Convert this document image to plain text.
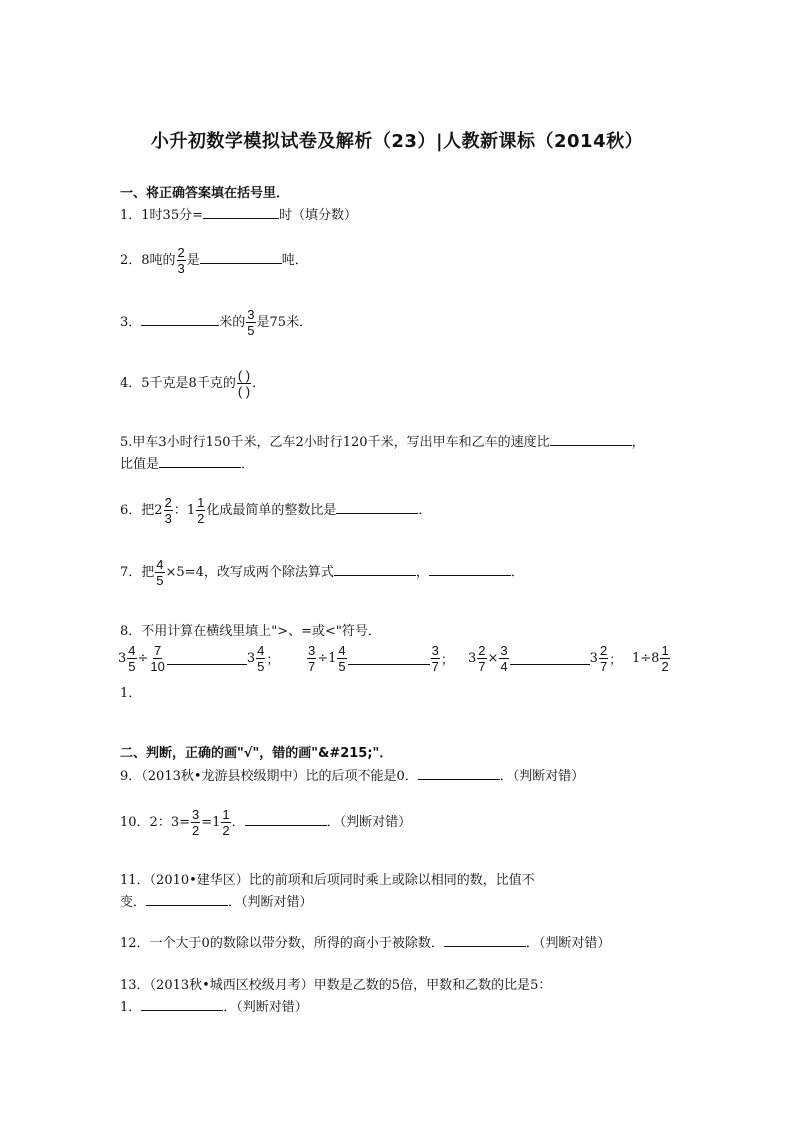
小升初数学模拟试卷及解析（23）|人教新课标（2014秋）
一、将正确答案填在括号里．
1．1时35分=	时（填分数）
2．8吨的 $\frac{2}{3}$ 是	吨．
3．	米的 $\frac{3}{5}$ 是75米．
4．5千克是8千克的 $\frac{( )}{( )}$ ．
5.甲车3小时行150千米，乙车2小时行120千米，写出甲车和乙车的速度比	，
比值是	．
6．把$2 \frac{2}{3}$ ：$1 \frac{1}{2}$ 化成最简单的整数比是	．
7．把 $\frac{4}{5} \times 5=4$，改写成两个除法算式	，	．
8．不用计算在横线里填上">、=或<"符号．
$3 \frac{4}{5} \div \frac{7}{10}$	$3 \frac{4}{5}$ ； $\frac{3}{7} \div 1 \frac{4}{5}$	$\frac{3}{7}$ ； $3 \frac{2}{7} \times \frac{3}{4}$	$3 \frac{2}{7}$ ； $1\div 8 \frac{1}{2}$
1．
二、判断，正确的画"√"，错的画"&#215;"．
9．（2013秋•龙游县校级期中）比的后项不能是0．	．（判断对错）
10．2：$3= \frac{3}{2} =1 \frac{1}{2}$ ．	．（判断对错）
11．（2010•建华区）比的前项和后项同时乘上或除以相同的数，比值不
变．	．（判断对错）
12．一个大于0的数除以带分数，所得的商小于被除数．	．（判断对错）
13．（2013秋•城西区校级月考）甲数是乙数的5倍，甲数和乙数的比是5：
1．	．（判断对错）
